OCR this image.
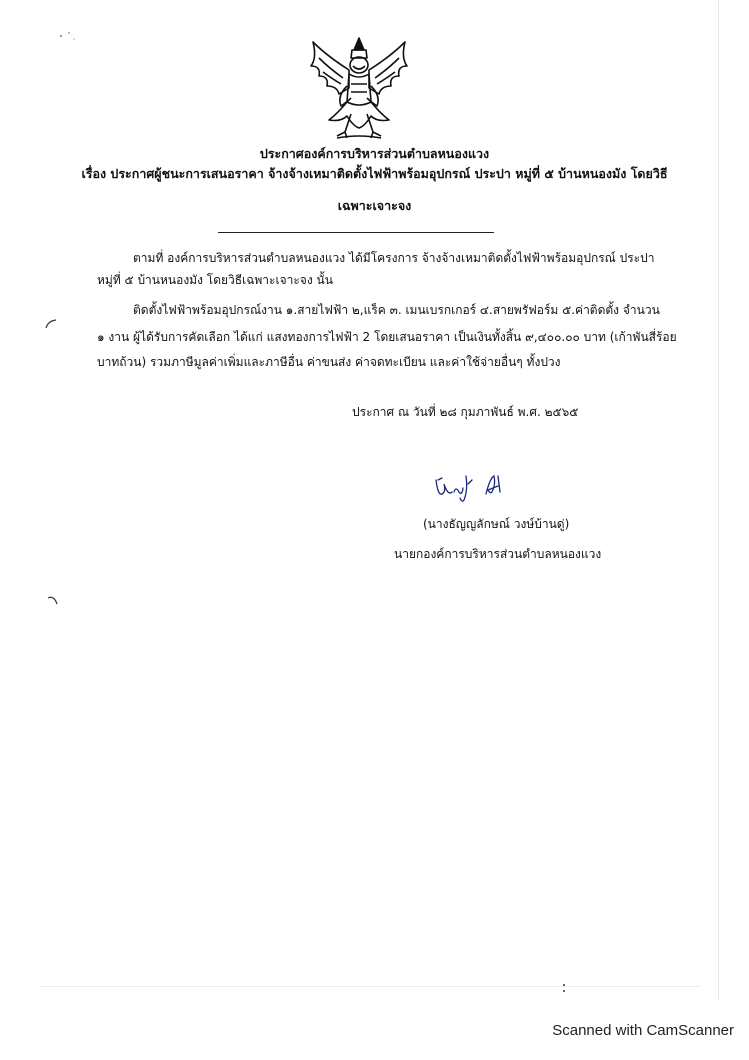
ประกาศองค์การบริหารส่วนตำบลหนองแวง
เรื่อง ประกาศผู้ชนะการเสนอราคา จ้างจ้างเหมาติดตั้งไฟฟ้าพร้อมอุปกรณ์ ประปา หมู่ที่ ๕ บ้านหนองมัง โดยวิธี
เฉพาะเจาะจง
ตามที่ องค์การบริหารส่วนตำบลหนองแวง ได้มีโครงการ จ้างจ้างเหมาติดตั้งไฟฟ้าพร้อมอุปกรณ์ ประปา
หมู่ที่ ๕ บ้านหนองมัง โดยวิธีเฉพาะเจาะจง นั้น
ติดตั้งไฟฟ้าพร้อมอุปกรณ์งาน ๑.สายไฟฟ้า ๒,แร็ค ๓. เมนเบรกเกอร์ ๔.สายพรัฟอร์ม ๕.ค่าติดตั้ง จำนวน
๑ งาน ผู้ได้รับการคัดเลือก ได้แก่ แสงทองการไฟฟ้า 2 โดยเสนอราคา เป็นเงินทั้งสิ้น ๙,๔๐๐.๐๐ บาท (เก้าพันสี่ร้อย
บาทถ้วน) รวมภาษีมูลค่าเพิ่มและภาษีอื่น ค่าขนส่ง ค่าจดทะเบียน และค่าใช้จ่ายอื่นๆ ทั้งปวง
ประกาศ ณ วันที่ ๒๘ กุมภาพันธ์ พ.ศ. ๒๕๖๕
(นางธัญญลักษณ์ วงษ์บ้านดู่)
นายกองค์การบริหารส่วนตำบลหนองแวง
Scanned with CamScanner
